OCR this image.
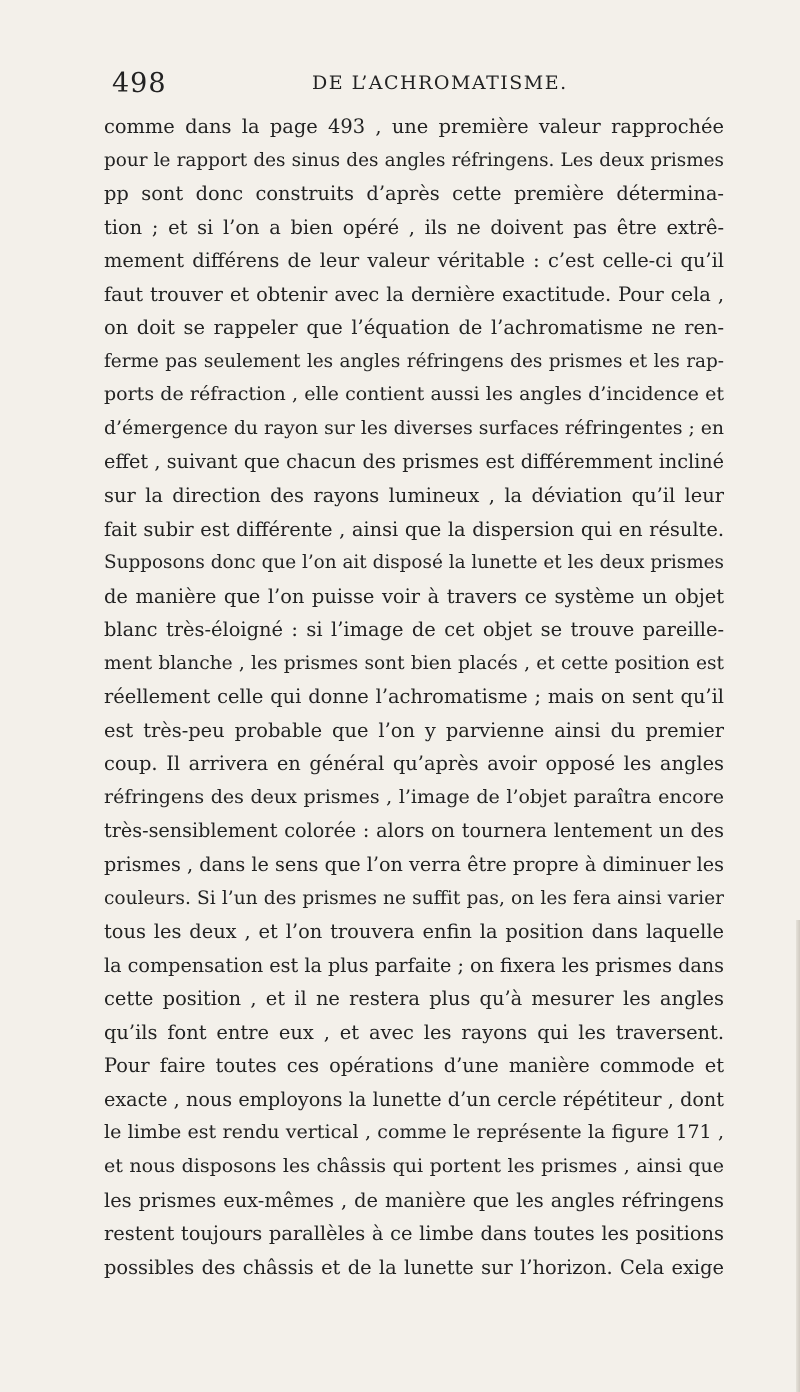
498	DE L’ACHROMATISME.
comme dans la page 493 , une première valeur rapprochée
pour le rapport des sinus des angles réfringens. Les deux prismes
pp sont donc construits d’après cette première détermina-
tion ; et si l’on a bien opéré , ils ne doivent pas être extrê-
mement différens de leur valeur véritable : c’est celle-ci qu’il
faut trouver et obtenir avec la dernière exactitude. Pour cela ,
on doit se rappeler que l’équation de l’achromatisme ne ren-
ferme pas seulement les angles réfringens des prismes et les rap-
ports de réfraction , elle contient aussi les angles d’incidence et
d’émergence du rayon sur les diverses surfaces réfringentes ; en
effet , suivant que chacun des prismes est différemment incliné
sur la direction des rayons lumineux , la déviation qu’il leur
fait subir est différente , ainsi que la dispersion qui en résulte.
Supposons donc que l’on ait disposé la lunette et les deux prismes
de manière que l’on puisse voir à travers ce système un objet
blanc très-éloigné : si l’image de cet objet se trouve pareille-
ment blanche , les prismes sont bien placés , et cette position est
réellement celle qui donne l’achromatisme ; mais on sent qu’il
est très-peu probable que l’on y parvienne ainsi du premier
coup. Il arrivera en général qu’après avoir opposé les angles
réfringens des deux prismes , l’image de l’objet paraîtra encore
très-sensiblement colorée : alors on tournera lentement un des
prismes , dans le sens que l’on verra être propre à diminuer les
couleurs. Si l’un des prismes ne suffit pas, on les fera ainsi varier
tous les deux , et l’on trouvera enfin la position dans laquelle
la compensation est la plus parfaite ; on fixera les prismes dans
cette position , et il ne restera plus qu’à mesurer les angles
qu’ils font entre eux , et avec les rayons qui les traversent.
Pour faire toutes ces opérations d’une manière commode et
exacte , nous employons la lunette d’un cercle répétiteur , dont
le limbe est rendu vertical , comme le représente la figure 171 ,
et nous disposons les châssis qui portent les prismes , ainsi que
les prismes eux-mêmes , de manière que les angles réfringens
restent toujours parallèles à ce limbe dans toutes les positions
possibles des châssis et de la lunette sur l’horizon. Cela exige
